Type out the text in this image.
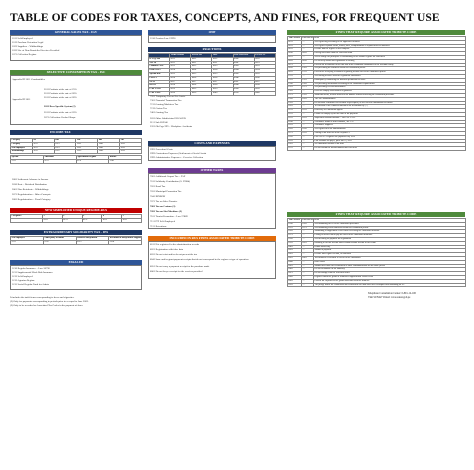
TABLE OF CODES FOR TAXES, CONCEPTS, AND FINES, FOR FREQUENT USE
GENERAL SALES TAX - IGV
1011 Self-Employed
1012 Purchase Retention Legal
1022 Suppliers – Withholdings
1033 Use of Non-Domiciled Services Provided
1071 Collection Regime
SELECTIVE CONSUMPTION TAX - ISC
Appendix III 3011 Combustibles
Appendix III 3011
2011 Products at the rate of 25%
2011 Products at the rate of 26%
2011 Products at the rate of 26%
2031 Beer/Specific System (2)
2011 Products at the rate of 20%
3071 Collection Alcohol Shops
INCOME TAX
Category	1st	2nd	3rd	4th	5th
Category	3011	3021	3031	3041	3051
Self-employed	3011	3021	3031	3041	3051
Withholdings	3012	3022	3032	3042	3052
Special	Amazonia	Agricultural Regime	Border
3111	3121	3131	3141
3081 Settlement Advance in Income
3030 Rent – Dividend Distribution
3061 Non-Residents – Withholdings
3071 Regularization – Other Concepts
3081 Regularization – Fiscal Category
NEW SIMPLIFIED UNIQUE REGIME-RUS
Categories	1	2	3	4	5
	4131	4131	4131	4131	4131
EXTRAORDINARY SOLIDARITY TAX - IES
Self-employed	Third party accounts	Workers independent	Retention of independent suppliers
5311	5312	5313	5314
ESSALUD
5210 Regular Insurance – Law 26790
5211 Supplemental Work Risk Insurance
5212 Self-Employed
5213 Agrarian Regime
5215 Social Regular Fund for Artists
It includes the tariff items corresponding to beers and cigarettes.
(2) Only for payments corresponding to periods prior to or equal to June 2002.
(3) Only to be recorded as Associated Tax Codes in the payment of fines.
ONP
5310 Pension Law 19990
FRACTIONS
	TRIB.ADMIN	ESSALUD	ONP	DUE BEFORE	PENALTY
D. Leg. 848	8012	8022	8032	8042	8052
Art. 36	8011	8021	8031	8041	8051
Children's D.S.	8013	8023	8033	8043	8053
INDECOPI	8014	8024	8034	8044	8054
Special BSE	8015	8025	8035	8045	8055
PERTA	8016	8026	8036	8046	8056
SEAP	8017	8027	8037	8047	8057
RESIT	8018	8028	8038	8048	8058
LAW 27344	8019	8029	8039	8049	8059
LAW 27681	8020	8030	8040	8050	8060
7201 Temporary Tax on Net Assets
7301 Financial Transaction Tax
7211 Gaming Machines Tax
7212 Casino Tax
7401 Gaming Tax
3031 Other Subdivision ESSALUD
3111 Sub SSN 46
3321 Old Age 999 – Workplace Accidents
COSTS AND EXPENSES
5991 Procedural Costs
5992 Contentious Expenses (Settlement of Social Assist
5993 Administrative Expenses – Coercive Collection
OTHER TAXES
7001 Additional Airport Tax – FAP
7011 Solidarity Contribution (S. 29384)
7021 Road Tax
7031 Municipal Promotion Tax
7041 IBNRON
7071 Tax on Sales Transfer
7081 Tax on Casinos (3)
7091 Tax on Slot Machines (3)
7101 Tourist Promotion – Law 27889
7111 ITF Self-Employed
7121 Retentions
INCLUDED IN RUS FINES ASSOCIATED TRIBUTE CODE
6011 Not registered in the administration records
6021 Registration with false data
6031 Do not exist and/or do not present the tax
6041 Issue and/or grant payment receipts that do not correspond to the regime or type of operation
6051 Do not carry a payment receipt for the purchase made
6061 Do not keep a receipt for the services provided
FINES THAT REQUIRE ASSOCIATED TRIBUTE CODE
TREASURY	ESSALUD	ONP
6011	—	Not registering according to the applicable deadline
6021	—	Not register separate items, results, sales, compensations or reprint them for announce
6031	—	Declare that the register is not complete.
6041	6061	Having sales more than the collection limit
6051	—	Not to change the principles of contributing to the taxable register for concerned
6061	6081	Do not keep books and registration in writing
6071	—	Prevent the declaration in the time and in the conditions established of the Essential Entity
6081	6101	Not presenting the affidavits within the established period
6091	6111	Present the rectifying declaration regarding returns filed in the established period
6111	—	Not issuing invoices with the regulations established
6131	6151	Inadequately conducting the financial permission of office
6141	6161	Not providing information according to the established requirements
6151	6171	Not providing relevant information
6161	—	Does not comply with taxation regulations
6171	6191	Justificati books, records related to tax matters without following the established procedure
6181	6201	The Tax Administration
6191	—	Do not issue certificates of retention or perception, as well as false information in returns
6201	—	To retention of the withheld amount in the declaration by [?]
6211	6231	Discovery of a unilateral appeal
6221	—	Failure to comply by the due date of the payment
6231	6251	Suspension without deadline – Law No. 27697
6241	—	Alternative forms of debt contracts, Art. 178
6251	—	Alternative suppliers
6261	6281	Not registered in the administration
6271	6291	Adding in the time not in the Reporter A
6281	—	ESSALUD – Regular: late payment July 1999
6291	—	Plus Essalud: tax payer, prior Jun 25, 2002
6301	—	No established returns in the time
6311	—	Do not exhibit the documentation that was in the
FINES THAT REQUIRE ASSOCIATED TRIBUTE CODE
TREASURY	ESSALUD	ONP
6341	6361	Not submitting the ID to the established procedure
6351	6371	Not submitting sworn statement within the established period
6361	—	Submitting as supplement of the return exceeding the established deadline
6371	—	Failing to declare and to pay the taxes in the established deadlines
6381	—	Not declaring on payment tax registration
6391	6411	Omitting to declare income and/or obtain taxable income in the return
6401	—	Retain incorrectly
6411	—	Submit in payment
6421	—	Declare false figures or data, or omit data
6431	6451	Tax deducted or credited in excess of the established
6441	—	Other codes
6451	—	Submit more than one rectification of other communications for the same period
6461	—	Do not collaborate as the authority
6471	—	Do not comply with the collection order
6481	—	Register within the goods of controlled Supplemental Goods Vessa
6491	—	Provide the Reports for the goods associated with the bond tax
6501	—	The pledge and/or the established and confiscated files that have been exempted from obtaining the EC
Telephone Consultation Center: 0-801-12-100
Visit SUNAT Virtual: www.sunat.gob.pe
